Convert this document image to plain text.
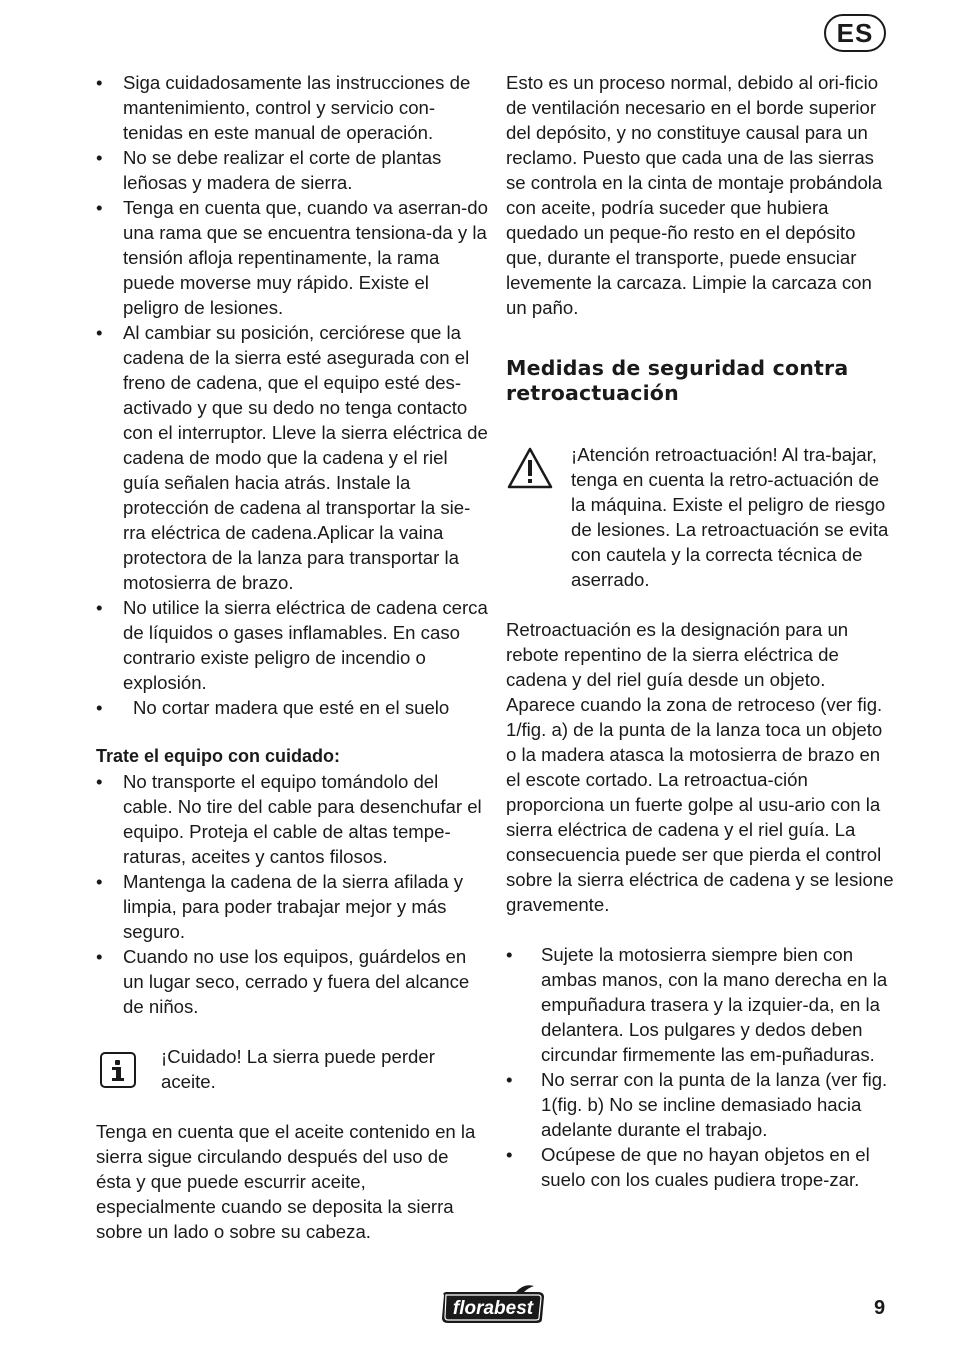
ES
• Siga cuidadosamente las instrucciones de mantenimiento, control y servicio con-tenidas en este manual de operación.
• No se debe realizar el corte de plantas leñosas y madera de sierra.
• Tenga en cuenta que, cuando va aserran-do una rama que se encuentra tensiona-da y la tensión afloja repentinamente, la rama puede moverse muy rápido. Existe el peligro de lesiones.
• Al cambiar su posición, cerciórese que la cadena de la sierra esté asegurada con el freno de cadena, que el equipo esté des-activado y que su dedo no tenga contacto con el interruptor. Lleve la sierra eléctrica de cadena de modo que la cadena y el riel guía señalen hacia atrás. Instale la protección de cadena al transportar la sie-rra eléctrica de cadena.Aplicar la vaina protectora de la lanza para transportar la motosierra de brazo.
• No utilice la sierra eléctrica de cadena cerca de líquidos o gases inflamables. En caso contrario existe peligro de incendio o explosión.
• No cortar madera que esté en el suelo

Trate el equipo con cuidado:

• No transporte el equipo tomándolo del cable. No tire del cable para desenchufar el equipo. Proteja el cable de altas tempe-raturas, aceites y cantos filosos.
• Mantenga la cadena de la sierra afilada y limpia, para poder trabajar mejor y más seguro.
• Cuando no use los equipos, guárdelos en un lugar seco, cerrado y fuera del alcance de niños.

¡Cuidado! La sierra puede perder aceite.

Tenga en cuenta que el aceite contenido en la sierra sigue circulando después del uso de ésta y que puede escurrir aceite, especialmente cuando se deposita la sierra sobre un lado o sobre su cabeza.

Esto es un proceso normal, debido al ori-ficio de ventilación necesario en el borde superior del depósito, y no constituye causal para un reclamo. Puesto que cada una de las sierras se controla en la cinta de montaje probándola con aceite, podría suceder que hubiera quedado un peque-ño resto en el depósito que, durante el transporte, puede ensuciar levemente la carcaza. Limpie la carcaza con un paño.

Medidas de seguridad contra retroactuación

¡Atención retroactuación! Al tra-bajar, tenga en cuenta la retro-actuación de la máquina. Existe el peligro de riesgo de lesiones. La retroactuación se evita con cautela y la correcta técnica de aserrado.

Retroactuación es la designación para un rebote repentino de la sierra eléctrica de cadena y del riel guía desde un objeto. Aparece cuando la zona de retroceso (ver fig. 1/fig. a) de la punta de la lanza toca un objeto o la madera atasca la motosierra de brazo en el escote cortado. La retroactua-ción proporciona un fuerte golpe al usu-ario con la sierra eléctrica de cadena y el riel guía. La consecuencia puede ser que pierda el control sobre la sierra eléctrica de cadena y se lesione gravemente.

• Sujete la motosierra siempre bien con ambas manos, con la mano derecha en la empuñadura trasera y la izquier-da, en la delantera. Los pulgares y dedos deben circundar firmemente las em-puñaduras.
• No serrar con la punta de la lanza (ver fig. 1(fig. b) No se incline demasiado hacia adelante durante el trabajo.
• Ocúpese de que no hayan objetos en el suelo con los cuales pudiera tropе-zar.
florabest	9
